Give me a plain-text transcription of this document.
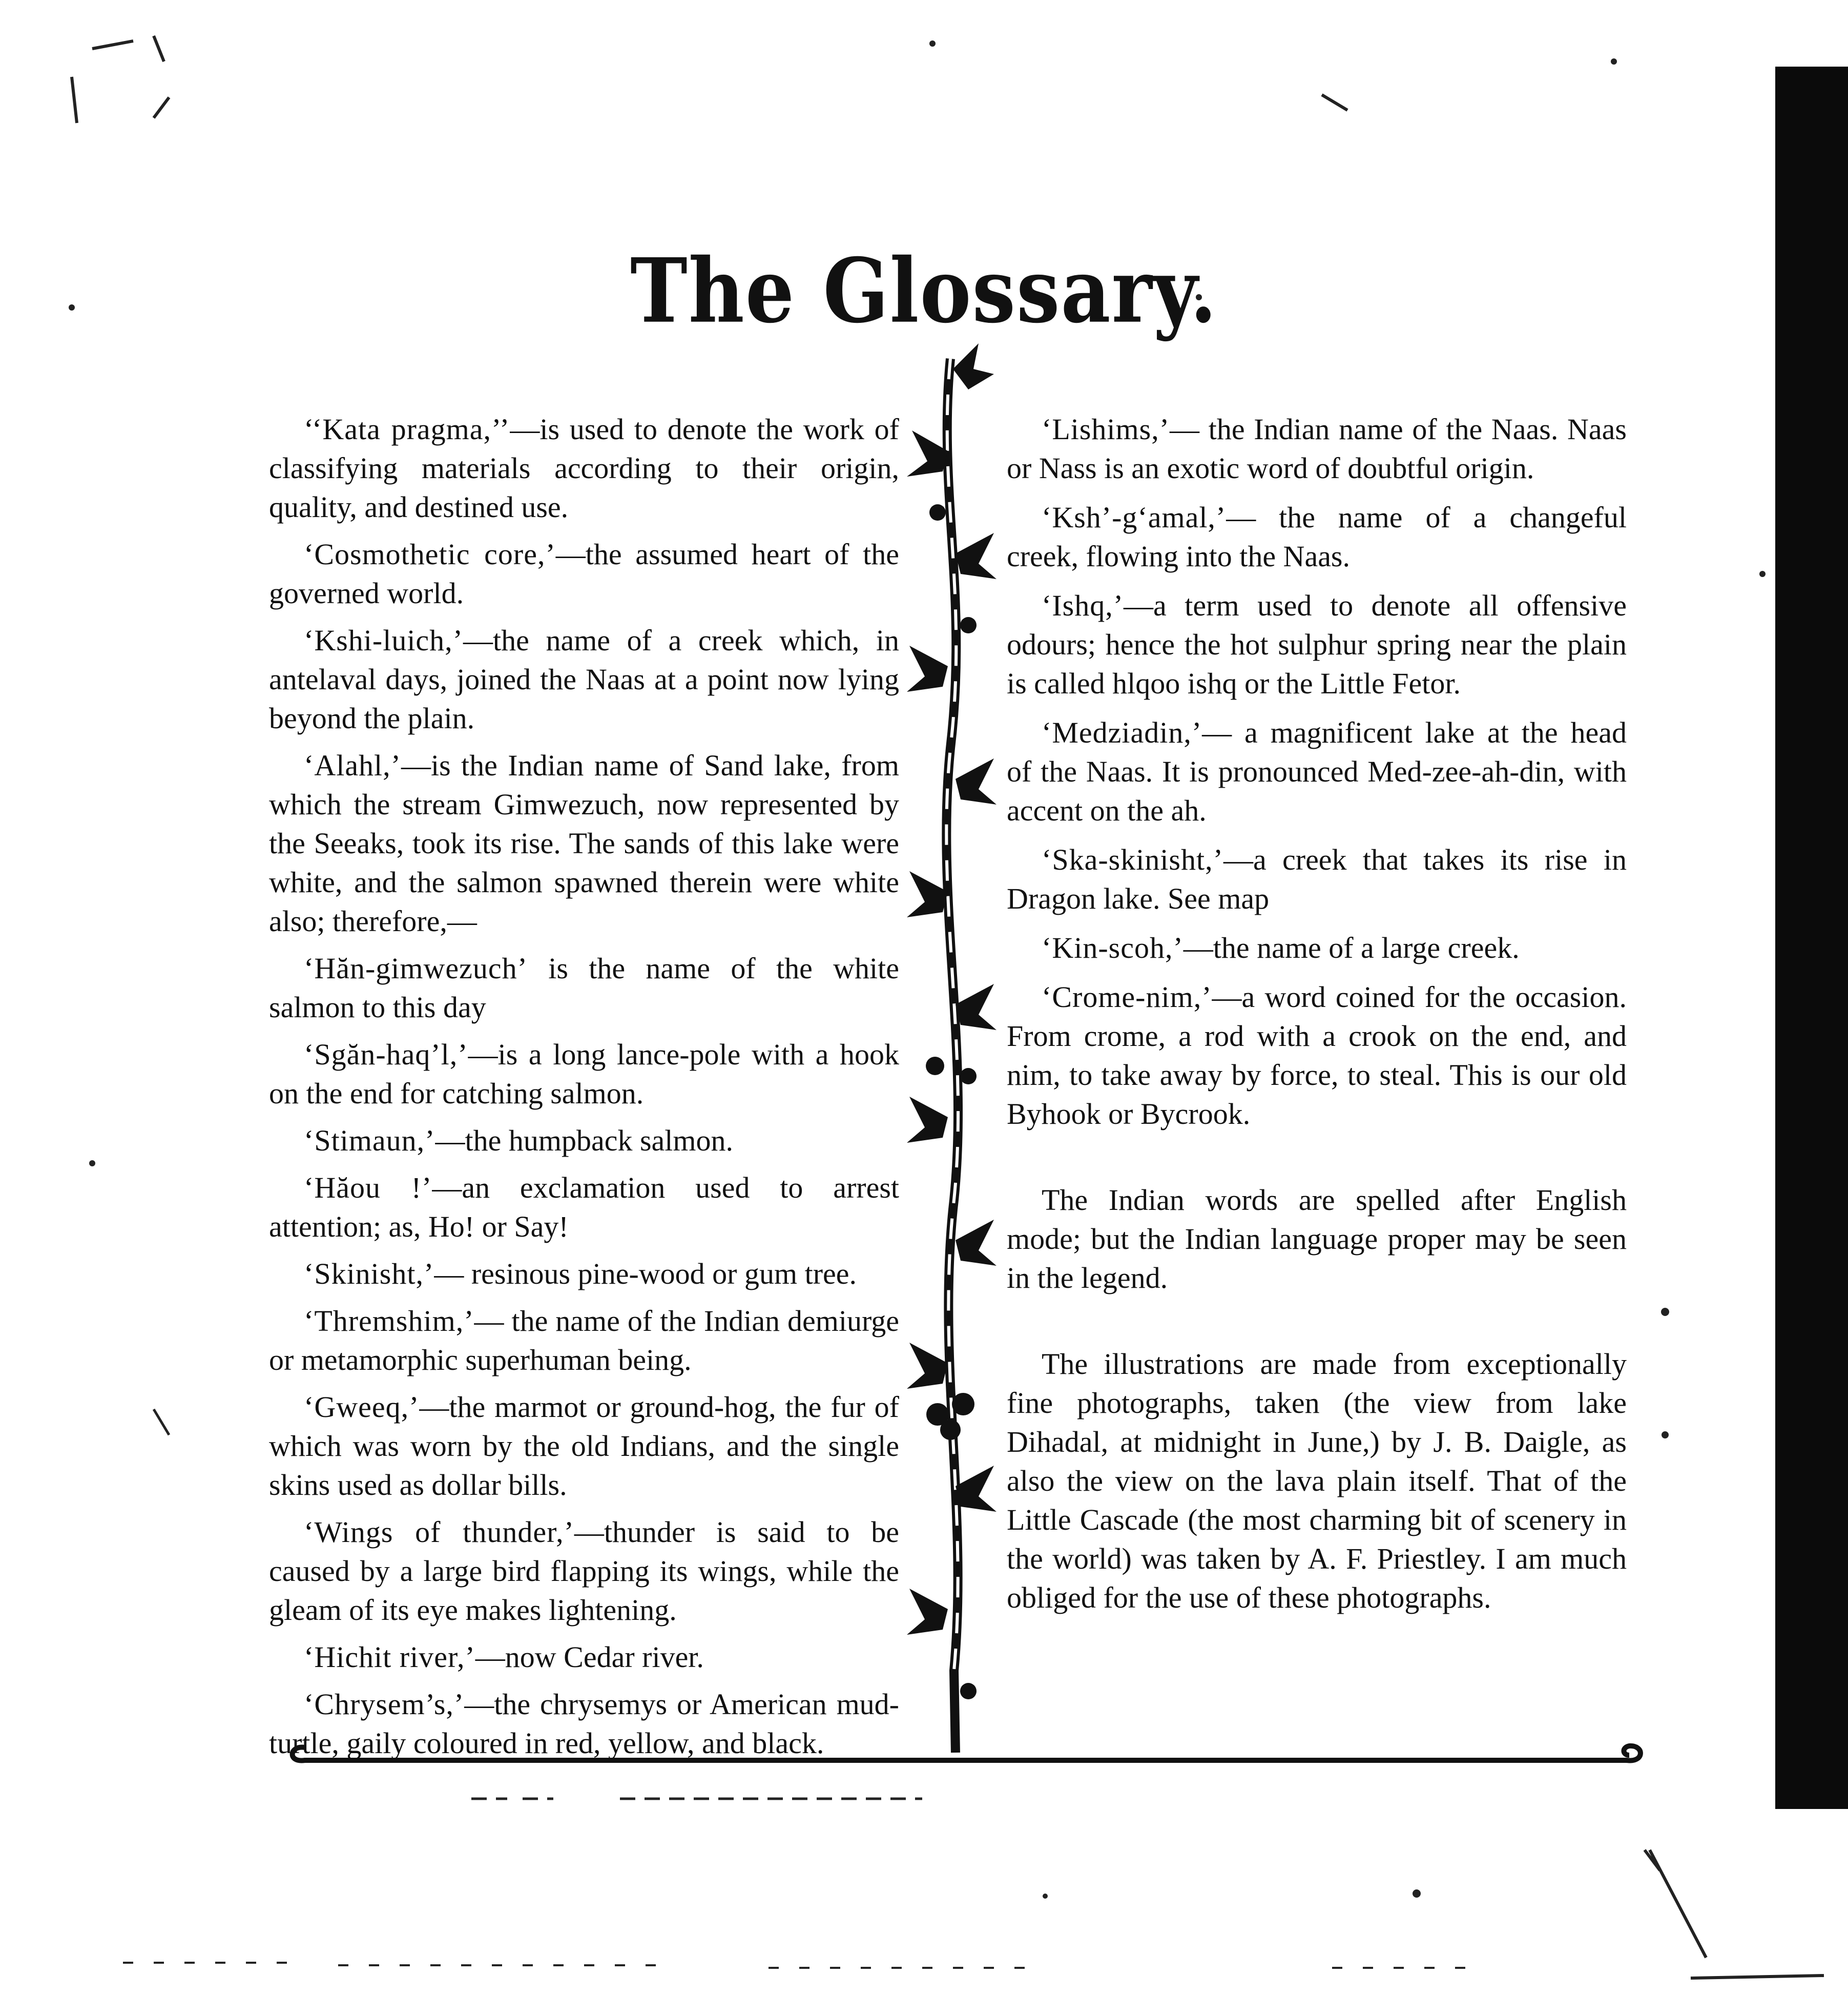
The Glossary.

‘‘Kata pragma,’’—is used to denote the work of classifying materials according to their origin, quality, and destined use.

‘Cosmothetic core,’—the assumed heart of the governed world.

‘Kshi-luich,’—the name of a creek which, in antelaval days, joined the Naas at a point now lying beyond the plain.

‘Alahl,’—is the Indian name of Sand lake, from which the stream Gimwezuch, now represented by the Seeaks, took its rise. The sands of this lake were white, and the salmon spawned therein were white also; therefore,—

‘Hăn-gimwezuch’ is the name of the white salmon to this day

‘Sgăn-haq’l,’—is a long lance-pole with a hook on the end for catching salmon.

‘Stimaun,’—the humpback salmon.

‘Hăou !’—an exclamation used to arrest attention; as, Ho! or Say!

‘Skinisht,’— resinous pine-wood or gum tree.

‘Thremshim,’— the name of the Indian demiurge or metamorphic superhuman being.

‘Gweeq,’—the marmot or ground-hog, the fur of which was worn by the old Indians, and the single skins used as dollar bills.

‘Wings of thunder,’—thunder is said to be caused by a large bird flapping its wings, while the gleam of its eye makes lightening.

‘Hichit river,’—now Cedar river.

‘Chrysem’s,’—the chrysemys or American mud-turtle, gaily coloured in red, yellow, and black.

‘Lishims,’— the Indian name of the Naas. Naas or Nass is an exotic word of doubtful origin.

‘Ksh’-g‘amal,’— the name of a changeful creek, flowing into the Naas.

‘Ishq,’—a term used to denote all offensive odours; hence the hot sulphur spring near the plain is called hlqoo ishq or the Little Fetor.

‘Medziadin,’— a magnificent lake at the head of the Naas. It is pronounced Med-zee-ah-din, with accent on the ah.

‘Ska-skinisht,’—a creek that takes its rise in Dragon lake. See map

‘Kin-scoh,’—the name of a large creek.

‘Crome-nim,’—a word coined for the occasion. From crome, a rod with a crook on the end, and nim, to take away by force, to steal. This is our old Byhook or Bycrook.

The Indian words are spelled after English mode; but the Indian language proper may be seen in the legend.

The illustrations are made from exceptionally fine photographs, taken (the view from lake Dihadal, at midnight in June,) by J. B. Daigle, as also the view on the lava plain itself. That of the Little Cascade (the most charming bit of scenery in the world) was taken by A. F. Priestley. I am much obliged for the use of these photographs.
